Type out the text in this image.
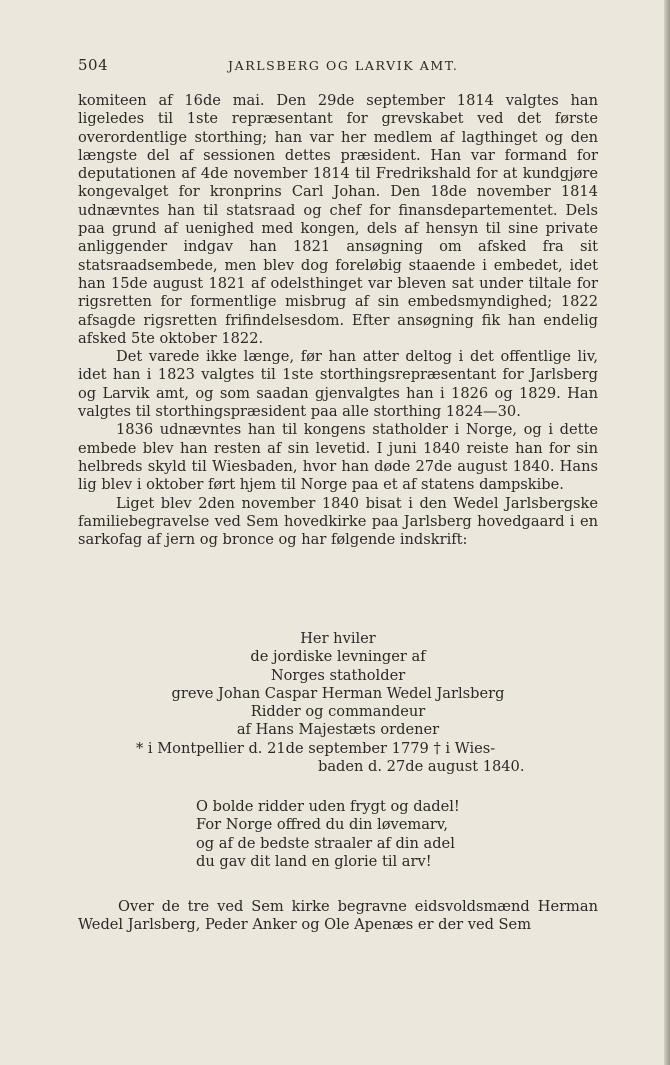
504	JARLSBERG OG LARVIK AMT.

komiteen af 16de mai. Den 29de september 1814 valgtes han ligeledes til 1ste repræsentant for grevskabet ved det første overordentlige storthing; han var her medlem af lagthinget og den længste del af sessionen dettes præsident. Han var formand for deputationen af 4de november 1814 til Fredrikshald for at kundgjøre kongevalget for kronprins Carl Johan. Den 18de november 1814 udnævntes han til statsraad og chef for finansdepartementet. Dels paa grund af uenighed med kongen, dels af hensyn til sine private anliggender indgav han 1821 ansøgning om afsked fra sit statsraadsembede, men blev dog foreløbig staaende i embedet, idet han 15de august 1821 af odelsthinget var bleven sat under tiltale for rigsretten for formentlige misbrug af sin embedsmyndighed; 1822 afsagde rigsretten frifindelsesdom. Efter ansøgning fik han endelig afsked 5te oktober 1822.

Det varede ikke længe, før han atter deltog i det offentlige liv, idet han i 1823 valgtes til 1ste storthingsrepræsentant for Jarlsberg og Larvik amt, og som saadan gjenvalgtes han i 1826 og 1829. Han valgtes til storthingspræsident paa alle storthing 1824—30.

1836 udnævntes han til kongens statholder i Norge, og i dette embede blev han resten af sin levetid. I juni 1840 reiste han for sin helbreds skyld til Wiesbaden, hvor han døde 27de august 1840. Hans lig blev i oktober ført hjem til Norge paa et af statens dampskibe.

Liget blev 2den november 1840 bisat i den Wedel Jarlsbergske familiebegravelse ved Sem hovedkirke paa Jarlsberg hovedgaard i en sarkofag af jern og bronce og har følgende indskrift:

Her hviler
de jordiske levninger af
Norges statholder
greve Johan Caspar Herman Wedel Jarlsberg
Ridder og commandeur
af Hans Majestæts ordener
* i Montpellier d. 21de september 1779 † i Wies-
baden d. 27de august 1840.
O bolde ridder uden frygt og dadel!
For Norge offred du din løvemarv,
og af de bedste straaler af din adel
du gav dit land en glorie til arv!

Over de tre ved Sem kirke begravne eidsvoldsmænd Herman Wedel Jarlsberg, Peder Anker og Ole Apenæs er der ved Sem
